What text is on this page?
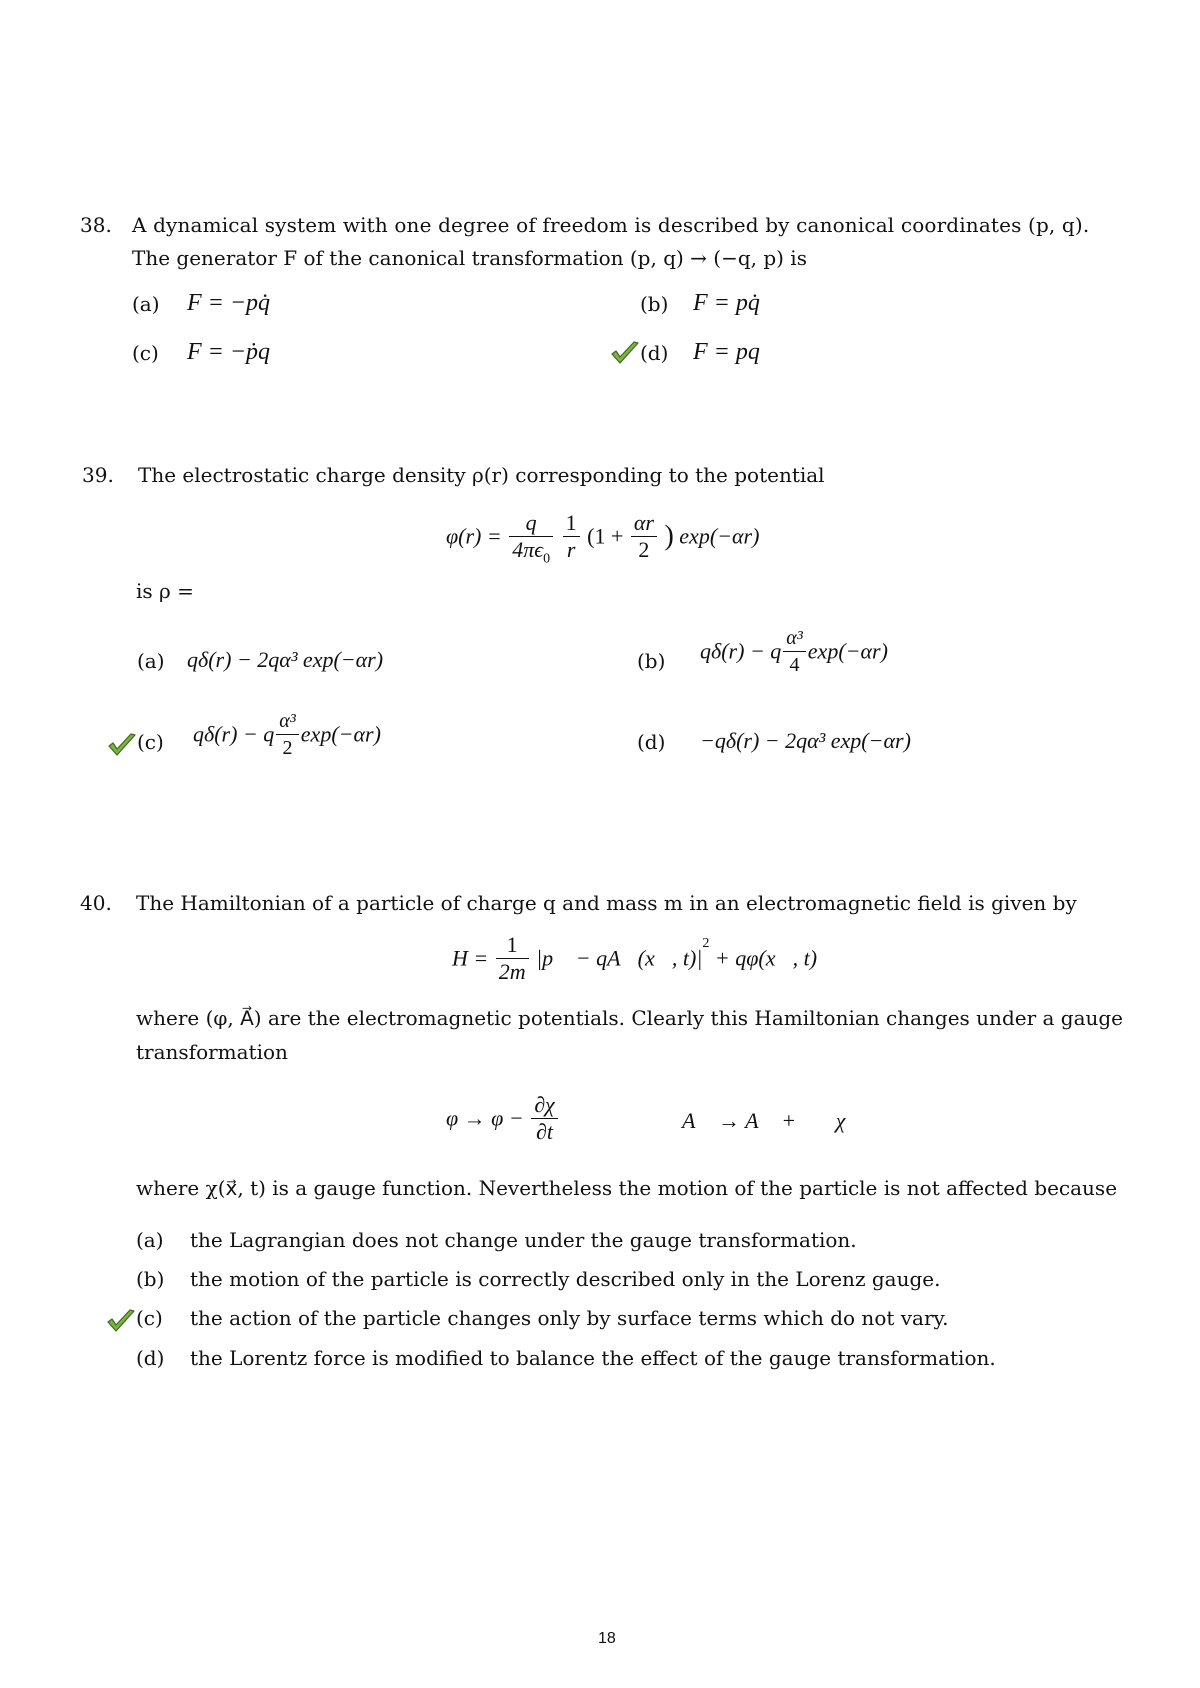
38. A dynamical system with one degree of freedom is described by canonical coordinates (p, q).
The generator F of the canonical transformation (p, q) → (−q, p) is
(a) F = −pq̇	(b) F = pq̇
(c) F = −ṗq	(d) F = pq
39. The electrostatic charge density ρ(r) corresponding to the potential
$\varphi(r) = \frac{q}{4\pi\epsilon_0}$
$\frac{1}{r} (1 + \frac{\alpha r}{2}$ ) exp(−αr)
is ρ =
(a) qδ(r) − 2qα³ exp(−αr)	(b) qδ(r) − q $\frac{\text{α³}}{4} \exp(-\alpha r)$
(c) qδ(r) − q $\frac{\text{α³}}{2} \exp(-\alpha r)$	(d) −qδ(r) − 2qα³ exp(−αr)
40. The Hamiltonian of a particle of charge q and mass m in an electromagnetic field is given by
$H = \frac{1}{2m}$ |p⃗ − qA⃗(x⃗, $t)|^2$ + qφ(x⃗, t)
where (φ, A⃗) are the electromagnetic potentials. Clearly this Hamiltonian changes under a gauge
transformation
$\varphi \to \varphi - \frac{\partial\chi}{\partial t}$	A⃗ → A⃗ + ∇⃗χ
where χ(x⃗, t) is a gauge function. Nevertheless the motion of the particle is not affected because
(a) the Lagrangian does not change under the gauge transformation.
(b) the motion of the particle is correctly described only in the Lorenz gauge.
(c) the action of the particle changes only by surface terms which do not vary.
(d) the Lorentz force is modified to balance the effect of the gauge transformation.
18
